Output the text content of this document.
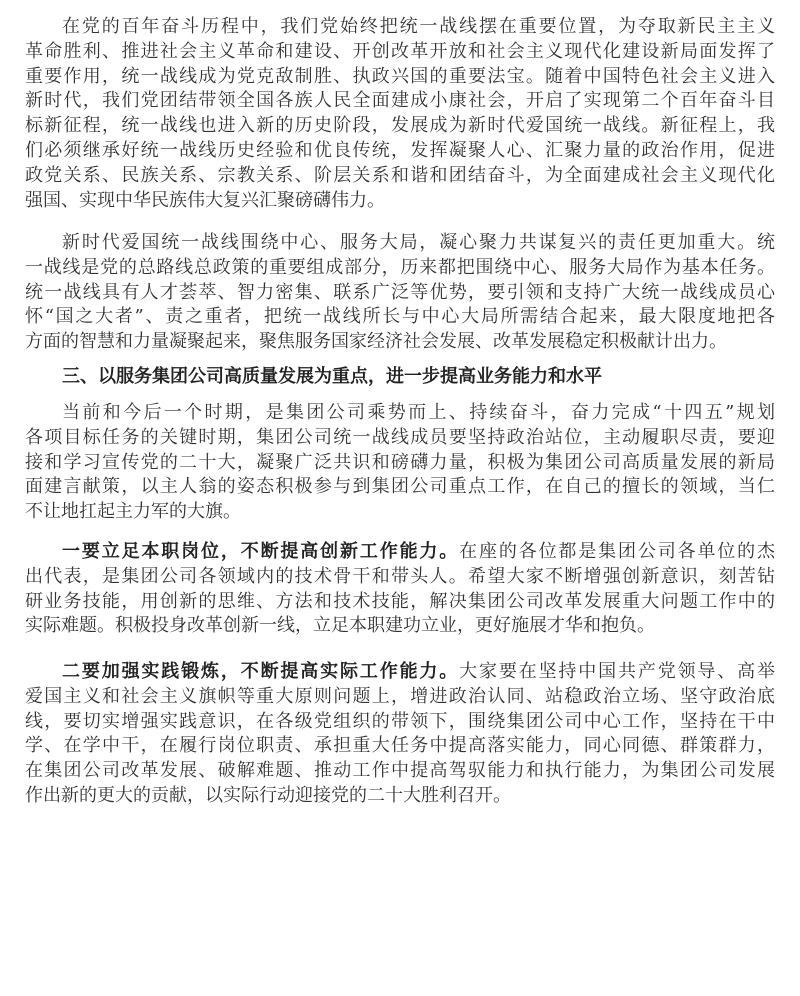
在党的百年奋斗历程中，我们党始终把统一战线摆在重要位置，为夺取新民主主义
革命胜利、推进社会主义革命和建设、开创改革开放和社会主义现代化建设新局面发挥了
重要作用，统一战线成为党克敌制胜、执政兴国的重要法宝。随着中国特色社会主义进入
新时代，我们党团结带领全国各族人民全面建成小康社会，开启了实现第二个百年奋斗目
标新征程，统一战线也进入新的历史阶段，发展成为新时代爱国统一战线。新征程上，我
们必须继承好统一战线历史经验和优良传统，发挥凝聚人心、汇聚力量的政治作用，促进
政党关系、民族关系、宗教关系、阶层关系和谐和团结奋斗，为全面建成社会主义现代化
强国、实现中华民族伟大复兴汇聚磅礴伟力。
新时代爱国统一战线围绕中心、服务大局，凝心聚力共谋复兴的责任更加重大。统
一战线是党的总路线总政策的重要组成部分，历来都把围绕中心、服务大局作为基本任务。
统一战线具有人才荟萃、智力密集、联系广泛等优势，要引领和支持广大统一战线成员心
怀“国之大者”、责之重者，把统一战线所长与中心大局所需结合起来，最大限度地把各
方面的智慧和力量凝聚起来，聚焦服务国家经济社会发展、改革发展稳定积极献计出力。
三、以服务集团公司高质量发展为重点，进一步提高业务能力和水平
当前和今后一个时期，是集团公司乘势而上、持续奋斗，奋力完成“十四五”规划
各项目标任务的关键时期，集团公司统一战线成员要坚持政治站位，主动履职尽责，要迎
接和学习宣传党的二十大，凝聚广泛共识和磅礴力量，积极为集团公司高质量发展的新局
面建言献策，以主人翁的姿态积极参与到集团公司重点工作，在自己的擅长的领域，当仁
不让地扛起主力军的大旗。
一要立足本职岗位，不断提高创新工作能力。在座的各位都是集团公司各单位的杰
出代表，是集团公司各领域内的技术骨干和带头人。希望大家不断增强创新意识，刻苦钻
研业务技能，用创新的思维、方法和技术技能，解决集团公司改革发展重大问题工作中的
实际难题。积极投身改革创新一线，立足本职建功立业，更好施展才华和抱负。
二要加强实践锻炼，不断提高实际工作能力。大家要在坚持中国共产党领导、高举
爱国主义和社会主义旗帜等重大原则问题上，增进政治认同、站稳政治立场、坚守政治底
线，要切实增强实践意识，在各级党组织的带领下，围绕集团公司中心工作，坚持在干中
学、在学中干，在履行岗位职责、承担重大任务中提高落实能力，同心同德、群策群力，
在集团公司改革发展、破解难题、推动工作中提高驾驭能力和执行能力，为集团公司发展
作出新的更大的贡献，以实际行动迎接党的二十大胜利召开。
